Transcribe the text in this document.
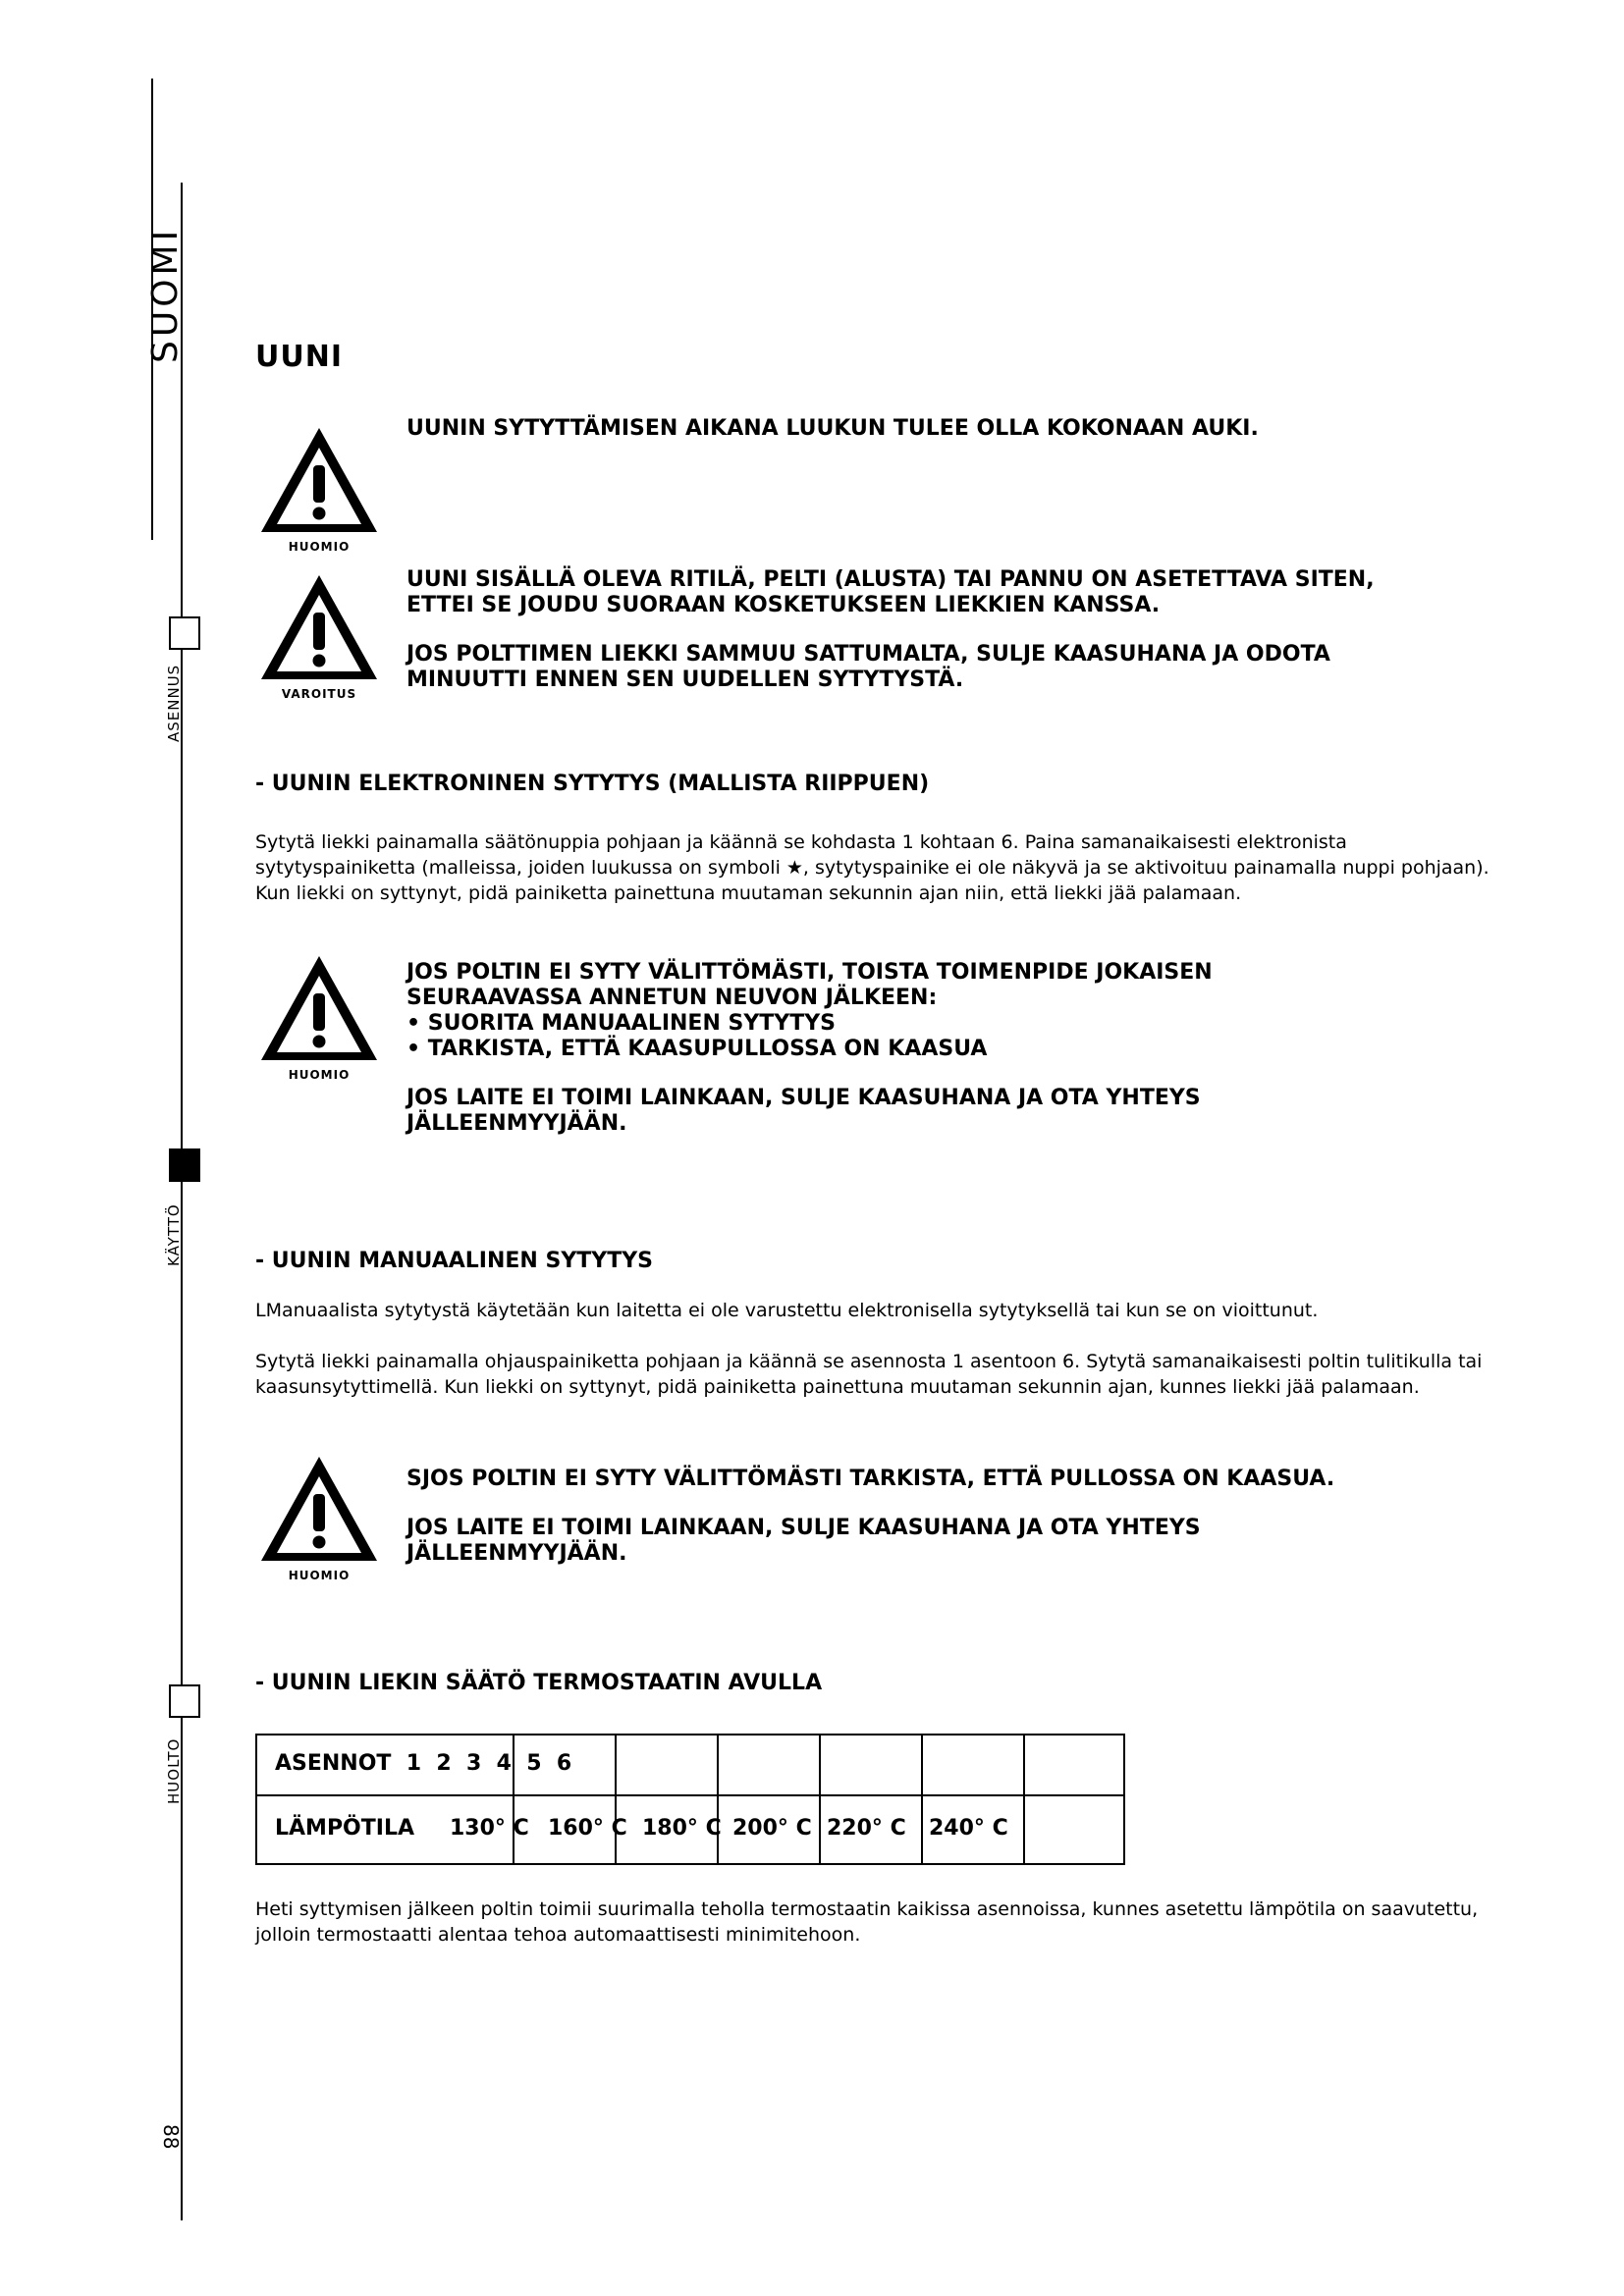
SUOMI
ASENNUS
KÄYTTÖ
HUOLTO
88
UUNI
HUOMIO
UUNIN SYTYTTÄMISEN AIKANA LUUKUN TULEE OLLA KOKONAAN AUKI.
VAROITUS
UUNI SISÄLLÄ OLEVA RITILÄ, PELTI (ALUSTA) TAI PANNU ON ASETETTAVA SITEN,
ETTEI SE JOUDU SUORAAN KOSKETUKSEEN LIEKKIEN KANSSA.
JOS POLTTIMEN LIEKKI SAMMUU SATTUMALTA, SULJE KAASUHANA JA ODOTA
MINUUTTI ENNEN SEN UUDELLEN SYTYTYSTÄ.
- UUNIN ELEKTRONINEN SYTYTYS (MALLISTA RIIPPUEN)
Sytytä liekki painamalla säätönuppia pohjaan ja käännä se kohdasta 1 kohtaan 6. Paina samanaikaisesti elektronista sytytyspainiketta (malleissa, joiden luukussa on symboli ★, sytytyspainike ei ole näkyvä ja se aktivoituu painamalla nuppi pohjaan). Kun liekki on syttynyt, pidä painiketta painettuna muutaman sekunnin ajan niin, että liekki jää palamaan.
HUOMIO
JOS POLTIN EI SYTY VÄLITTÖMÄSTI, TOISTA TOIMENPIDE JOKAISEN
SEURAAVASSA ANNETUN NEUVON JÄLKEEN:
• SUORITA MANUAALINEN SYTYTYS
• TARKISTA, ETTÄ KAASUPULLOSSA ON KAASUA
JOS LAITE EI TOIMI LAINKAAN, SULJE KAASUHANA JA OTA YHTEYS
JÄLLEENMYYJÄÄN.
- UUNIN MANUAALINEN SYTYTYS
LManuaalista sytytystä käytetään kun laitetta ei ole varustettu elektronisella sytytyksellä tai kun se on vioittunut.
Sytytä liekki painamalla ohjauspainiketta pohjaan ja käännä se asennosta 1 asentoon 6. Sytytä samanaikaisesti poltin tulitikulla tai kaasunsytyttimellä. Kun liekki on syttynyt, pidä painiketta painettuna muutaman sekunnin ajan, kunnes liekki jää palamaan.
HUOMIO
SJOS POLTIN EI SYTY VÄLITTÖMÄSTI TARKISTA, ETTÄ PULLOSSA ON KAASUA.
JOS LAITE EI TOIMI LAINKAAN, SULJE KAASUHANA JA OTA YHTEYS
JÄLLEENMYYJÄÄN.
- UUNIN LIEKIN SÄÄTÖ TERMOSTAATIN AVULLA
ASENNOT  1  2  3  4  5  6
LÄMPÖTILA 130° C 160° C 180° C 200° C 220° C 240° C
Heti syttymisen jälkeen poltin toimii suurimalla teholla termostaatin kaikissa asennoissa, kunnes asetettu lämpötila on saavutettu, jolloin termostaatti alentaa tehoa automaattisesti minimitehoon.
